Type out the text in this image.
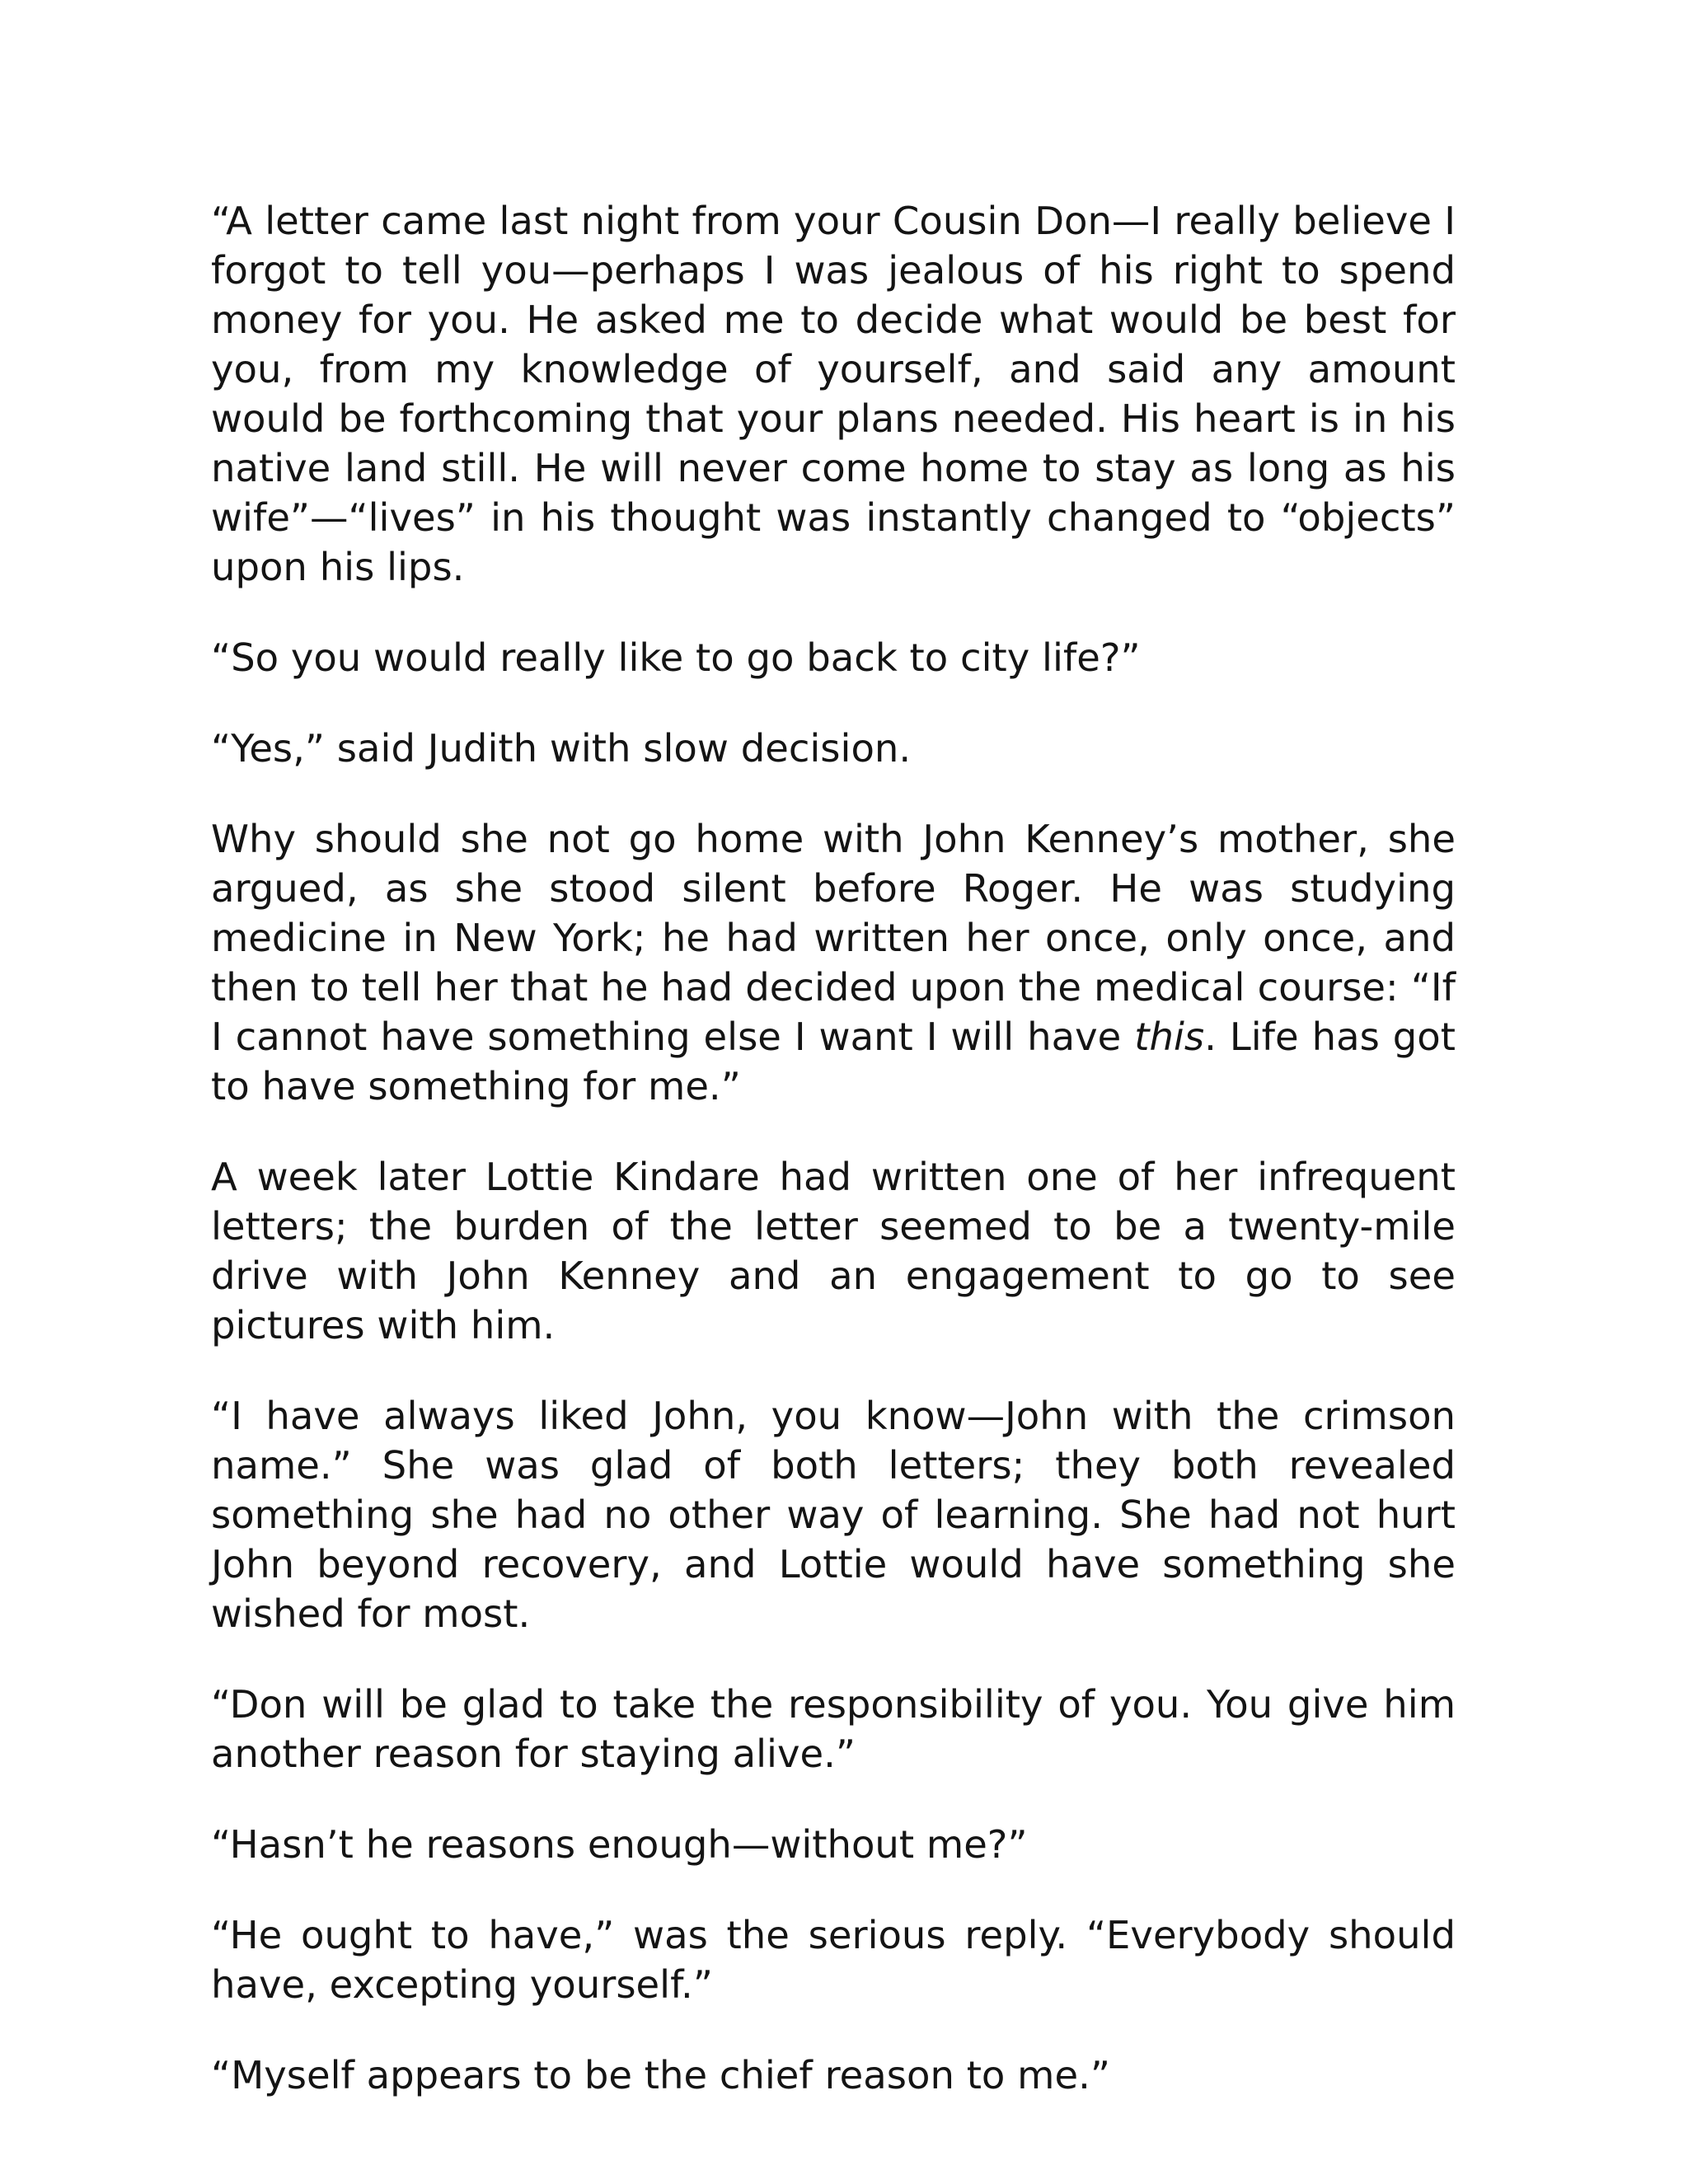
“A letter came last night from your Cousin Don—I really believe I forgot to tell you—perhaps I was jealous of his right to spend money for you. He asked me to decide what would be best for you, from my knowledge of yourself, and said any amount would be forthcoming that your plans needed. His heart is in his native land still. He will never come home to stay as long as his wife”—“lives” in his thought was instantly changed to “objects” upon his lips.

“So you would really like to go back to city life?”

“Yes,” said Judith with slow decision.

Why should she not go home with John Kenney’s mother, she argued, as she stood silent before Roger. He was studying medicine in New York; he had written her once, only once, and then to tell her that he had decided upon the medical course: “If I cannot have something else I want I will have this. Life has got to have something for me.”

A week later Lottie Kindare had written one of her infrequent letters; the burden of the letter seemed to be a twenty-mile drive with John Kenney and an engagement to go to see pictures with him.

“I have always liked John, you know—John with the crimson name.” She was glad of both letters; they both revealed something she had no other way of learning. She had not hurt John beyond recovery, and Lottie would have something she wished for most.

“Don will be glad to take the responsibility of you. You give him another reason for staying alive.”

“Hasn’t he reasons enough—without me?”

“He ought to have,” was the serious reply. “Everybody should have, excepting yourself.”

“Myself appears to be the chief reason to me.”
